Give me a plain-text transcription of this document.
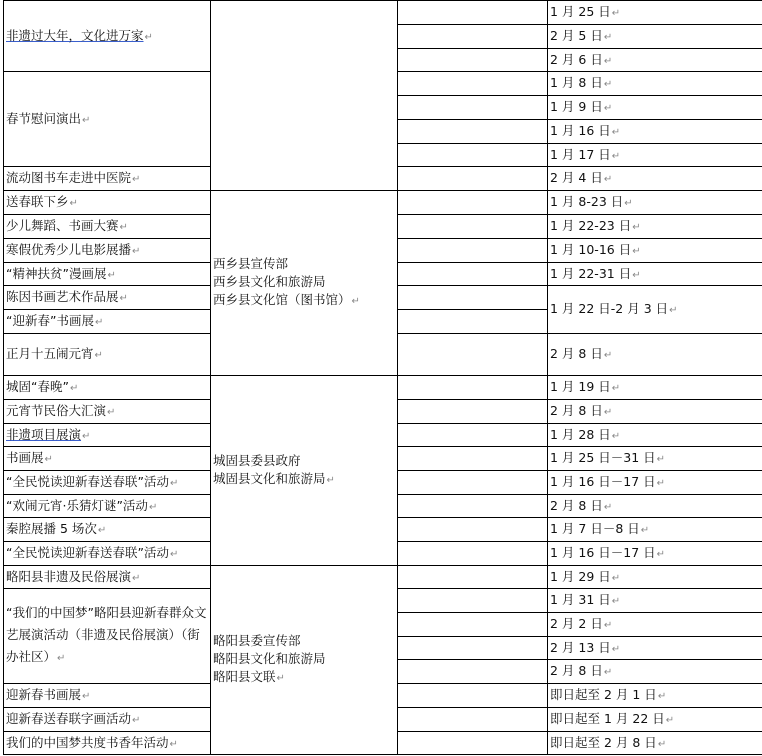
非遗过大年，文化进万家↵			1 月 25 日↵	
			2 月 5 日↵	
			2 月 6 日↵	
春节慰问演出↵			1 月 8 日↵	
			1 月 9 日↵	
			1 月 16 日↵	
			1 月 17 日↵	
流动图书车走进中医院↵			2 月 4 日↵	
送春联下乡↵	西乡县宣传部
西乡县文化和旅游局
西乡县文化馆（图书馆）↵		1 月 8-23 日↵	
少儿舞蹈、书画大赛↵			1 月 22-23 日↵	
寒假优秀少儿电影展播↵			1 月 10-16 日↵	
“精神扶贫”漫画展↵			1 月 22-31 日↵	
陈因书画艺术作品展↵			1 月 22 日-2 月 3 日↵	
“迎新春”书画展↵				
正月十五闹元宵↵			2 月 8 日↵	
城固“春晚”↵	城固县委县政府
城固县文化和旅游局↵		1 月 19 日↵	
元宵节民俗大汇演↵			2 月 8 日↵	
非遗项目展演↵			1 月 28 日↵	
书画展↵			1 月 25 日－31 日↵	
“全民悦读迎新春送春联”活动↵			1 月 16 日－17 日↵	
“欢闹元宵·乐猜灯谜”活动↵			2 月 8 日↵	
秦腔展播 5 场次↵			1 月 7 日－8 日↵	
“全民悦读迎新春送春联”活动↵			1 月 16 日－17 日↵	
略阳县非遗及民俗展演↵	略阳县委宣传部
略阳县文化和旅游局
略阳县文联↵		1 月 29 日↵	
“我们的中国梦”略阳县迎新春群众文艺展演活动（非遗及民俗展演）（街办社区）↵			1 月 31 日↵	
			2 月 2 日↵	
			2 月 13 日↵	
			2 月 8 日↵	
迎新春书画展↵			即日起至 2 月 1 日↵	
迎新春送春联字画活动↵			即日起至 1 月 22 日↵	
我们的中国梦共度书香年活动↵			即日起至 2 月 8 日↵	
